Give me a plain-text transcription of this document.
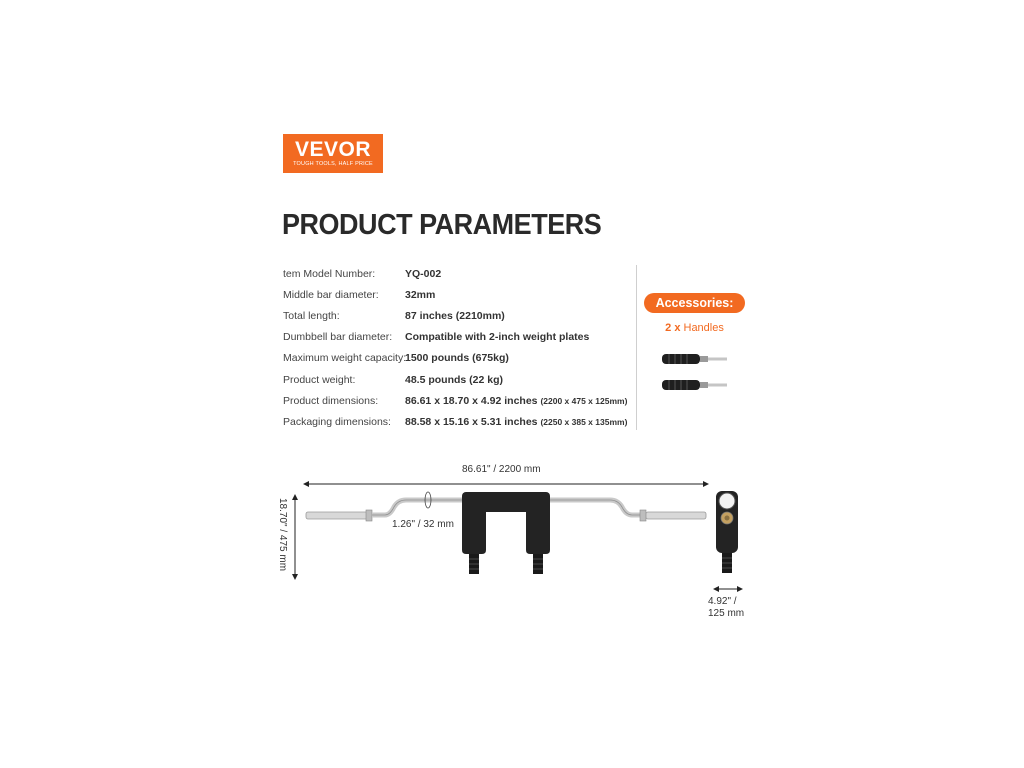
VEVOR
TOUGH TOOLS, HALF PRICE
PRODUCT PARAMETERS
tem Model Number:	YQ-002
Middle bar diameter:	32mm
Total length:	87 inches (2210mm)
Dumbbell bar diameter: Compatible with 2-inch weight plates
Maximum weight capacity:
1500 pounds (675kg)
Product weight:	48.5 pounds (22 kg)
Product dimensions:	86.61 x 18.70 x 4.92 inches (2200 x 475 x 125mm)
Packaging dimensions: 88.58 x 15.16 x 5.31 inches (2250 x 385 x 135mm)
Accessories:
2 x Handles
86.61" / 2200 mm
18.70" / 475 mm	1.26" / 32 mm
4.92" /
125 mm
